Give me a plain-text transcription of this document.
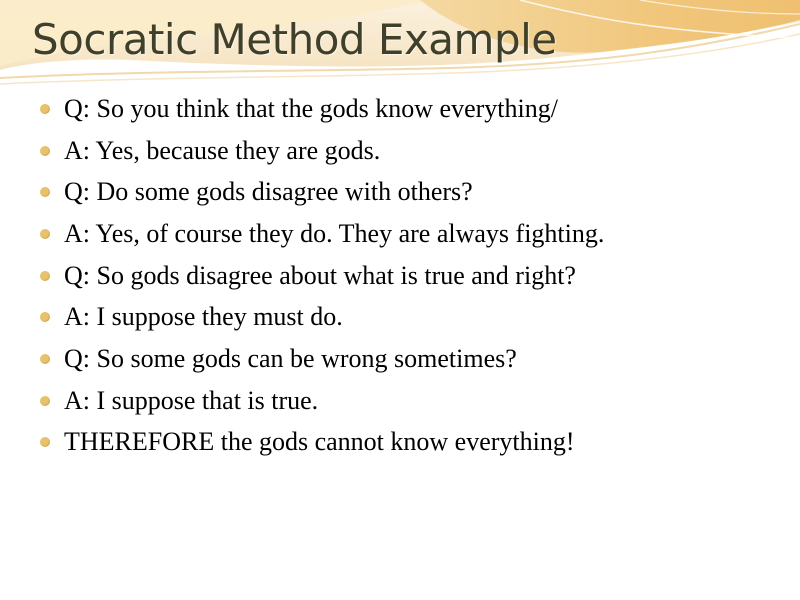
Socratic Method Example
Q: So you think that the gods know everything/
A: Yes, because they are gods.
Q: Do some gods disagree with others?
A: Yes, of course they do. They are always fighting.
Q: So gods disagree about what is true and right?
A: I suppose they must do.
Q: So some gods can be wrong sometimes?
A: I suppose that is true.
THEREFORE the gods cannot know everything!
